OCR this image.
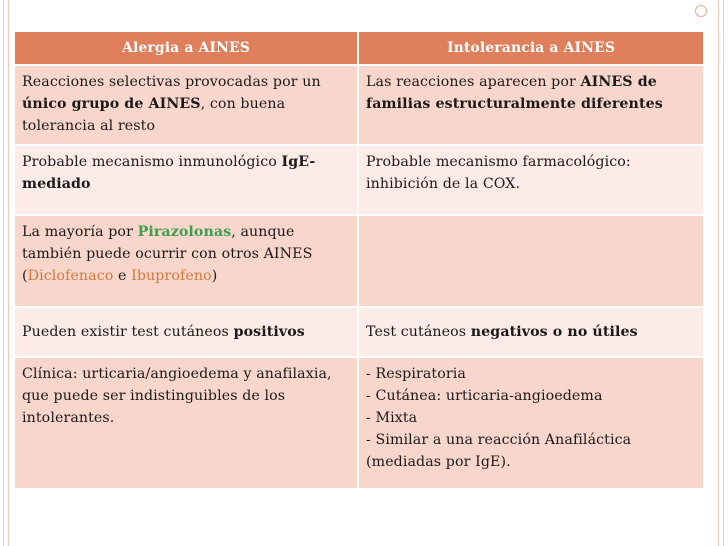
Alergia a AINES	Intolerancia a AINES
Reacciones selectivas provocadas por un único grupo de AINES, con buena tolerancia al resto	Las reacciones aparecen por AINES de familias estructuralmente diferentes
Probable mecanismo inmunológico IgE-mediado	Probable mecanismo farmacológico: inhibición de la COX.
La mayoría por Pirazolonas, aunque también puede ocurrir con otros AINES (Diclofenaco e Ibuprofeno)	
Pueden existir test cutáneos positivos	Test cutáneos negativos o no útiles
Clínica: urticaria/angioedema y anafilaxia, que puede ser indistinguibles de los intolerantes.	- Respiratoria
- Cutánea: urticaria-angioedema
- Mixta
- Similar a una reacción Anafiláctica (mediadas por IgE).
